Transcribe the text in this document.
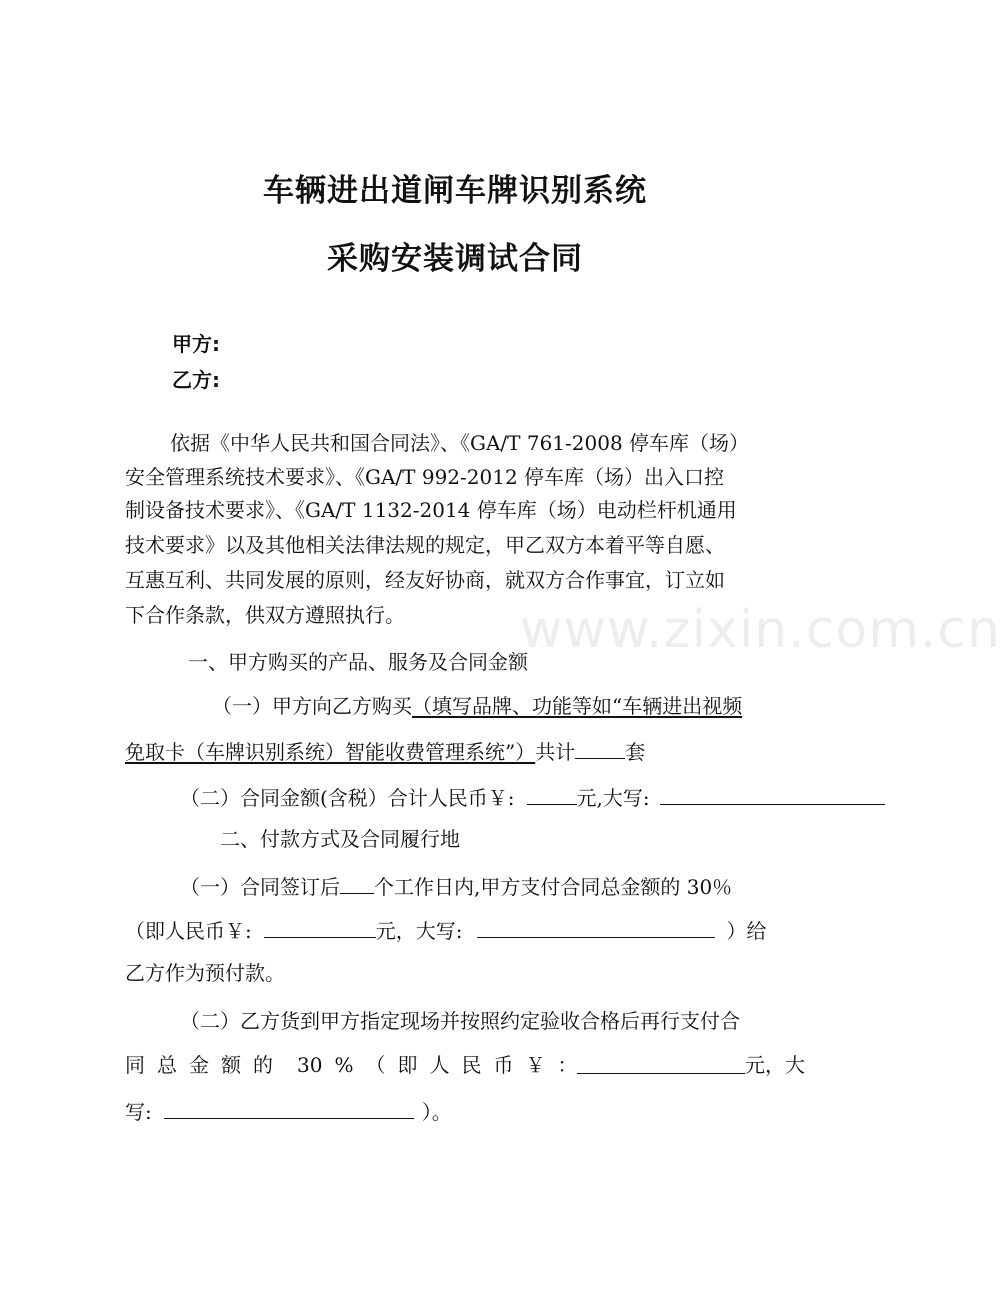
www.zixin.com.cn
车辆进出道闸车牌识别系统
采购安装调试合同
甲方:
乙方:
依据《中华人民共和国合同法》、《GA/T 761-2008 停车库（场）
安全管理系统技术要求》、《GA/T 992-2012 停车库（场）出入口控
制设备技术要求》、《GA/T 1132-2014 停车库（场）电动栏杆机通用
技术要求》以及其他相关法律法规的规定，甲乙双方本着平等自愿、
互惠互利、共同发展的原则，经友好协商，就双方合作事宜，订立如
下合作条款，供双方遵照执行。
一、甲方购买的产品、服务及合同金额
（一）甲方向乙方购买（填写品牌、功能等如“车辆进出视频
免取卡（车牌识别系统）智能收费管理系统”）共计	套
（二）合同金额(含税）合计人民币￥:	元,大写:
二、付款方式及合同履行地
（一）合同签订后 个工作日内,甲方支付合同总金额的 30％
（即人民币￥:	元，大写:	）给
乙方作为预付款。
（二）乙方货到甲方指定现场并按照约定验收合格后再行支付合
同 总 金 额 的 30 % （ 即 人 民 币 ￥ ：	元， 大
写:	）。
